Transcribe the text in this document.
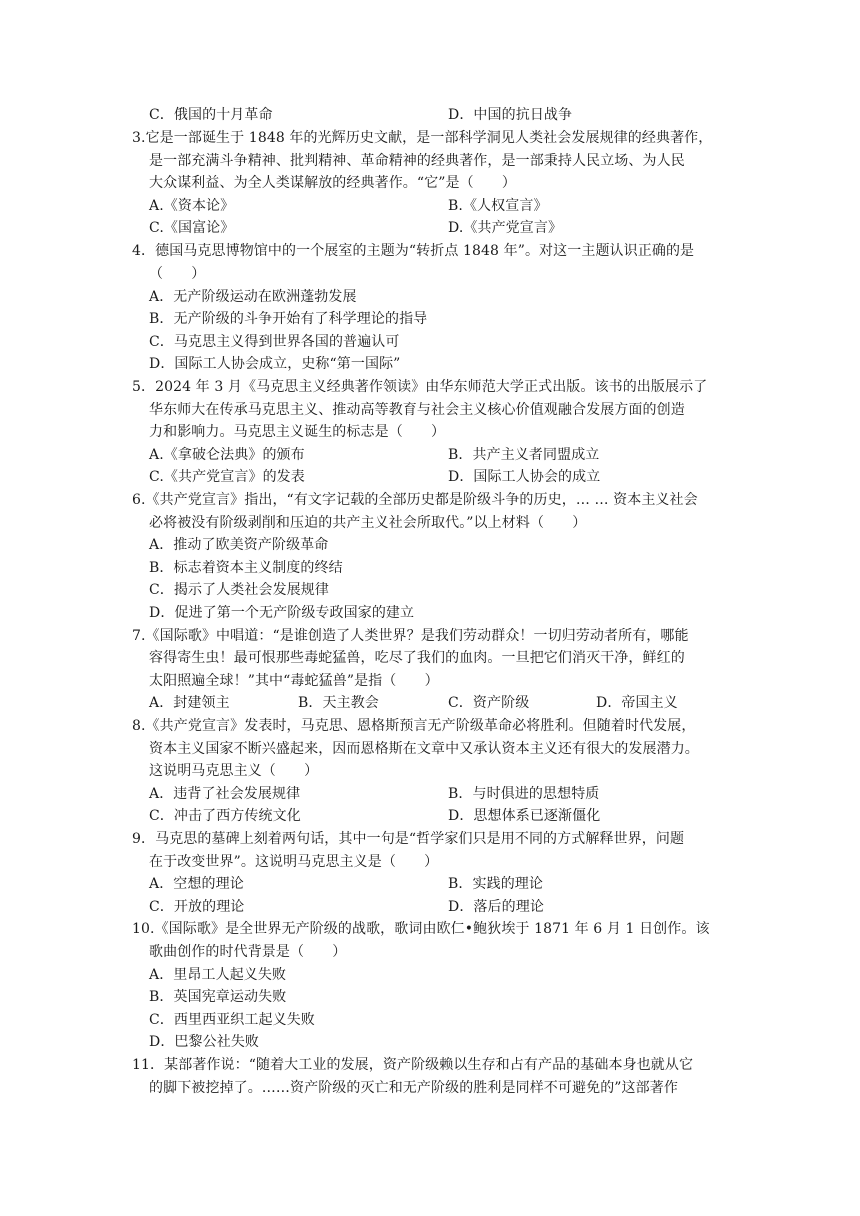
C．俄国的十月革命	D．中国的抗日战争
3.它是一部诞生于 1848 年的光辉历史文献，是一部科学洞见人类社会发展规律的经典著作，
是一部充满斗争精神、批判精神、革命精神的经典著作，是一部秉持人民立场、为人民
大众谋利益、为全人类谋解放的经典著作。“它”是（　　）
A.《资本论》	B.《人权宣言》
C.《国富论》	D.《共产党宣言》
4．德国马克思博物馆中的一个展室的主题为“转折点 1848 年”。对这一主题认识正确的是
（　　）
A．无产阶级运动在欧洲蓬勃发展
B．无产阶级的斗争开始有了科学理论的指导
C．马克思主义得到世界各国的普遍认可
D．国际工人协会成立，史称“第一国际”
5．2024 年 3 月《马克思主义经典著作领读》由华东师范大学正式出版。该书的出版展示了
华东师大在传承马克思主义、推动高等教育与社会主义核心价值观融合发展方面的创造
力和影响力。马克思主义诞生的标志是（　　）
A.《拿破仑法典》的颁布	B．共产主义者同盟成立
C.《共产党宣言》的发表	D．国际工人协会的成立
6.《共产党宣言》指出，“有文字记载的全部历史都是阶级斗争的历史，… … 资本主义社会
必将被没有阶级剥削和压迫的共产主义社会所取代。”以上材料（　　）
A．推动了欧美资产阶级革命
B．标志着资本主义制度的终结
C．揭示了人类社会发展规律
D．促进了第一个无产阶级专政国家的建立
7.《国际歌》中唱道：“是谁创造了人类世界？是我们劳动群众！一切归劳动者所有，哪能
容得寄生虫！最可恨那些毒蛇猛兽，吃尽了我们的血肉。一旦把它们消灭干净，鲜红的
太阳照遍全球！”其中“毒蛇猛兽”是指（　　）
A．封建领主	B．天主教会	C．资产阶级	D．帝国主义
8.《共产党宣言》发表时，马克思、恩格斯预言无产阶级革命必将胜利。但随着时代发展，
资本主义国家不断兴盛起来，因而恩格斯在文章中又承认资本主义还有很大的发展潜力。
这说明马克思主义（　　）
A．违背了社会发展规律	B．与时俱进的思想特质
C．冲击了西方传统文化	D．思想体系已逐渐僵化
9．马克思的墓碑上刻着两句话，其中一句是“哲学家们只是用不同的方式解释世界，问题
在于改变世界”。这说明马克思主义是（　　）
A．空想的理论	B．实践的理论
C．开放的理论	D．落后的理论
10.《国际歌》是全世界无产阶级的战歌，歌词由欧仁•鲍狄埃于 1871 年 6 月 1 日创作。该
歌曲创作的时代背景是（　　）
A．里昂工人起义失败
B．英国宪章运动失败
C．西里西亚织工起义失败
D．巴黎公社失败
11．某部著作说：“随着大工业的发展，资产阶级赖以生存和占有产品的基础本身也就从它
的脚下被挖掉了。……资产阶级的灭亡和无产阶级的胜利是同样不可避免的”这部著作
